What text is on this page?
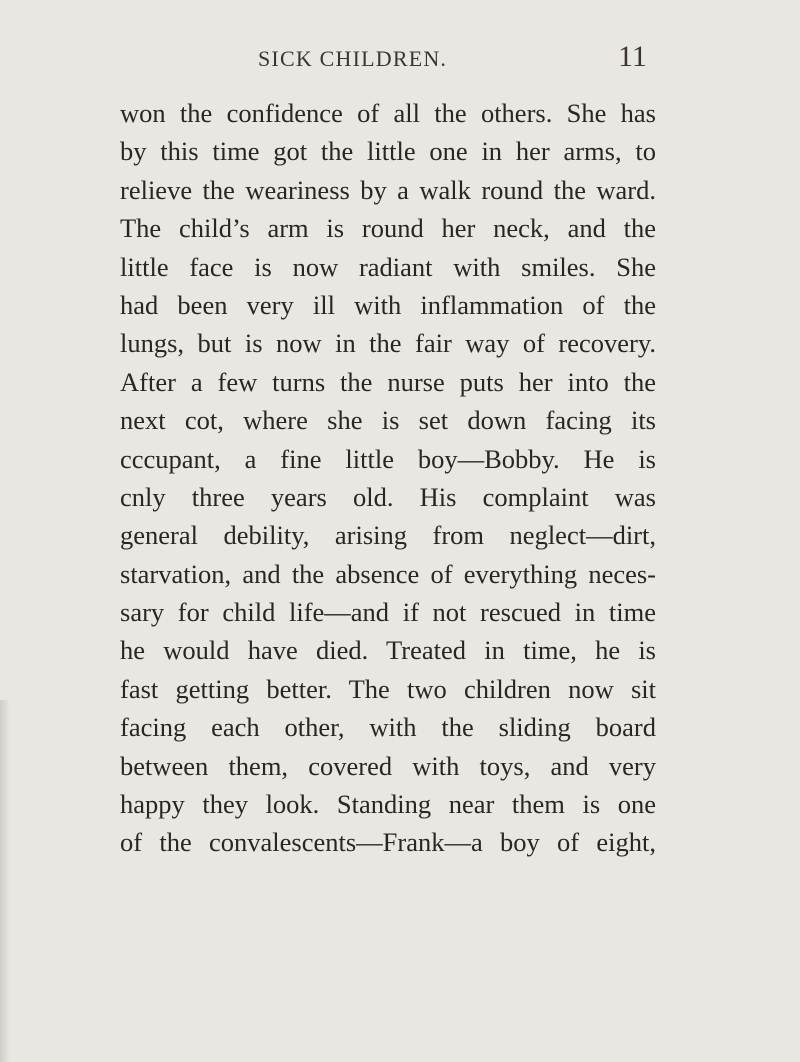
SICK CHILDREN.	11
won the confidence of all the others. She has
by this time got the little one in her arms, to
relieve the weariness by a walk round the ward.
The child’s arm is round her neck, and the
little face is now radiant with smiles. She
had been very ill with inflammation of the
lungs, but is now in the fair way of recovery.
After a few turns the nurse puts her into the
next cot, where she is set down facing its
cccupant, a fine little boy—Bobby. He is
cnly three years old. His complaint was
general debility, arising from neglect—dirt,
starvation, and the absence of everything neces-
sary for child life—and if not rescued in time
he would have died. Treated in time, he is
fast getting better. The two children now sit
facing each other, with the sliding board
between them, covered with toys, and very
happy they look. Standing near them is one
of the convalescents—Frank—a boy of eight,
